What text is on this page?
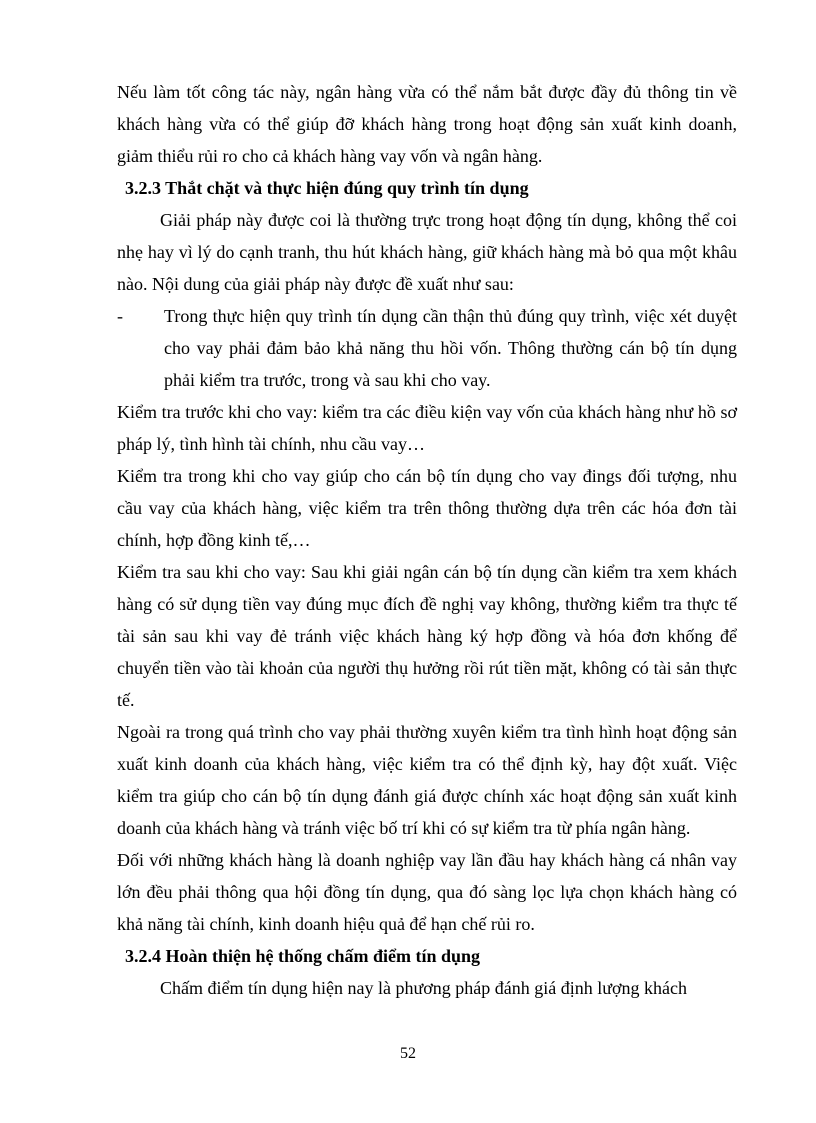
Nếu làm tốt công tác này, ngân hàng vừa có thể nắm bắt được đầy đủ thông tin về khách hàng vừa có thể giúp đỡ khách hàng trong hoạt động sản xuất kinh doanh, giảm thiểu rủi ro cho cả khách hàng vay vốn và ngân hàng.

3.2.3 Thắt chặt và thực hiện đúng quy trình tín dụng

Giải pháp này được coi là thường trực trong hoạt động tín dụng, không thể coi nhẹ hay vì lý do cạnh tranh, thu hút khách hàng, giữ khách hàng mà bỏ qua một khâu nào. Nội dung của giải pháp này được đề xuất như sau:

-	Trong thực hiện quy trình tín dụng cần thận thủ đúng quy trình, việc xét duyệt cho vay phải đảm bảo khả năng thu hồi vốn. Thông thường cán bộ tín dụng phải kiểm tra trước, trong và sau khi cho vay.

Kiểm tra trước khi cho vay: kiểm tra các điều kiện vay vốn của khách hàng như hồ sơ pháp lý, tình hình tài chính, nhu cầu vay…

Kiểm tra trong khi cho vay giúp cho cán bộ tín dụng cho vay đings đối tượng, nhu cầu vay của khách hàng, việc kiểm tra trên thông thường dựa trên các hóa đơn tài chính, hợp đồng kinh tế,…

Kiểm tra sau khi cho vay: Sau khi giải ngân cán bộ tín dụng cần kiểm tra xem khách hàng có sử dụng tiền vay đúng mục đích đề nghị vay không, thường kiểm tra thực tế tài sản sau khi vay đẻ tránh việc khách hàng ký hợp đồng và hóa đơn khống để chuyển tiền vào tài khoản của người thụ hưởng rồi rút tiền mặt, không có tài sản thực tế.

Ngoài ra trong quá trình cho vay phải thường xuyên kiểm tra tình hình hoạt động sản xuất kinh doanh của khách hàng, việc kiểm tra có thể định kỳ, hay đột xuất. Việc kiểm tra giúp cho cán bộ tín dụng đánh giá được chính xác hoạt động sản xuất kinh doanh của khách hàng và tránh việc bố trí khi có sự kiểm tra từ phía ngân hàng.

Đối với những khách hàng là doanh nghiệp vay lần đầu hay khách hàng cá nhân vay lớn đều phải thông qua hội đồng tín dụng, qua đó sàng lọc lựa chọn khách hàng có khả năng tài chính, kinh doanh hiệu quả để hạn chế rủi ro.

3.2.4 Hoàn thiện hệ thống chấm điểm tín dụng

Chấm điểm tín dụng hiện nay là phương pháp đánh giá định lượng khách

52
